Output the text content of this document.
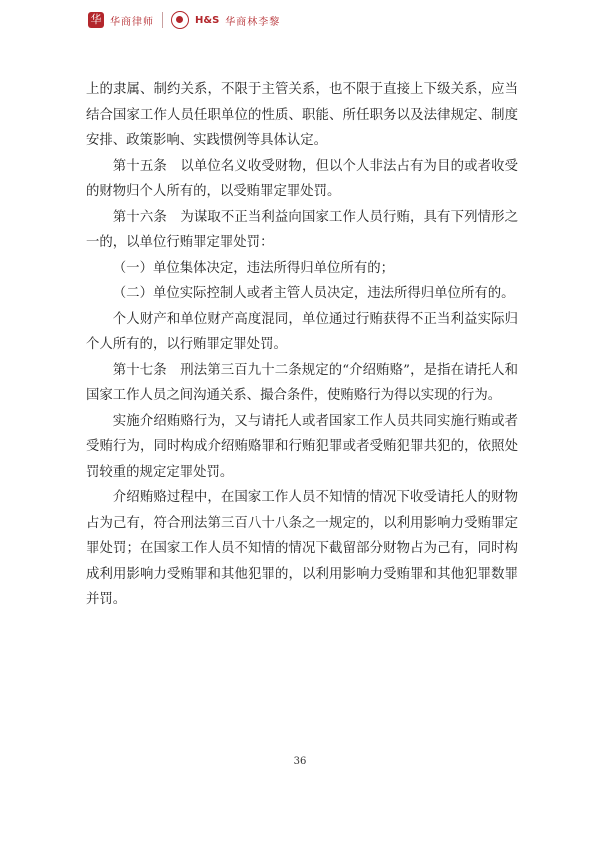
华 华商律师	H&S 华商林李黎

上的隶属、制约关系，不限于主管关系，也不限于直接上下级关系，应当结合国家工作人员任职单位的性质、职能、所任职务以及法律规定、制度安排、政策影响、实践惯例等具体认定。

第十五条　以单位名义收受财物，但以个人非法占有为目的或者收受的财物归个人所有的，以受贿罪定罪处罚。

第十六条　为谋取不正当利益向国家工作人员行贿，具有下列情形之一的，以单位行贿罪定罪处罚：

（一）单位集体决定，违法所得归单位所有的；

（二）单位实际控制人或者主管人员决定，违法所得归单位所有的。

个人财产和单位财产高度混同，单位通过行贿获得不正当利益实际归个人所有的，以行贿罪定罪处罚。

第十七条　刑法第三百九十二条规定的“介绍贿赂”，是指在请托人和国家工作人员之间沟通关系、撮合条件，使贿赂行为得以实现的行为。

实施介绍贿赂行为，又与请托人或者国家工作人员共同实施行贿或者受贿行为，同时构成介绍贿赂罪和行贿犯罪或者受贿犯罪共犯的，依照处罚较重的规定定罪处罚。

介绍贿赂过程中，在国家工作人员不知情的情况下收受请托人的财物占为己有，符合刑法第三百八十八条之一规定的，以利用影响力受贿罪定罪处罚；在国家工作人员不知情的情况下截留部分财物占为己有，同时构成利用影响力受贿罪和其他犯罪的，以利用影响力受贿罪和其他犯罪数罪并罚。

36
